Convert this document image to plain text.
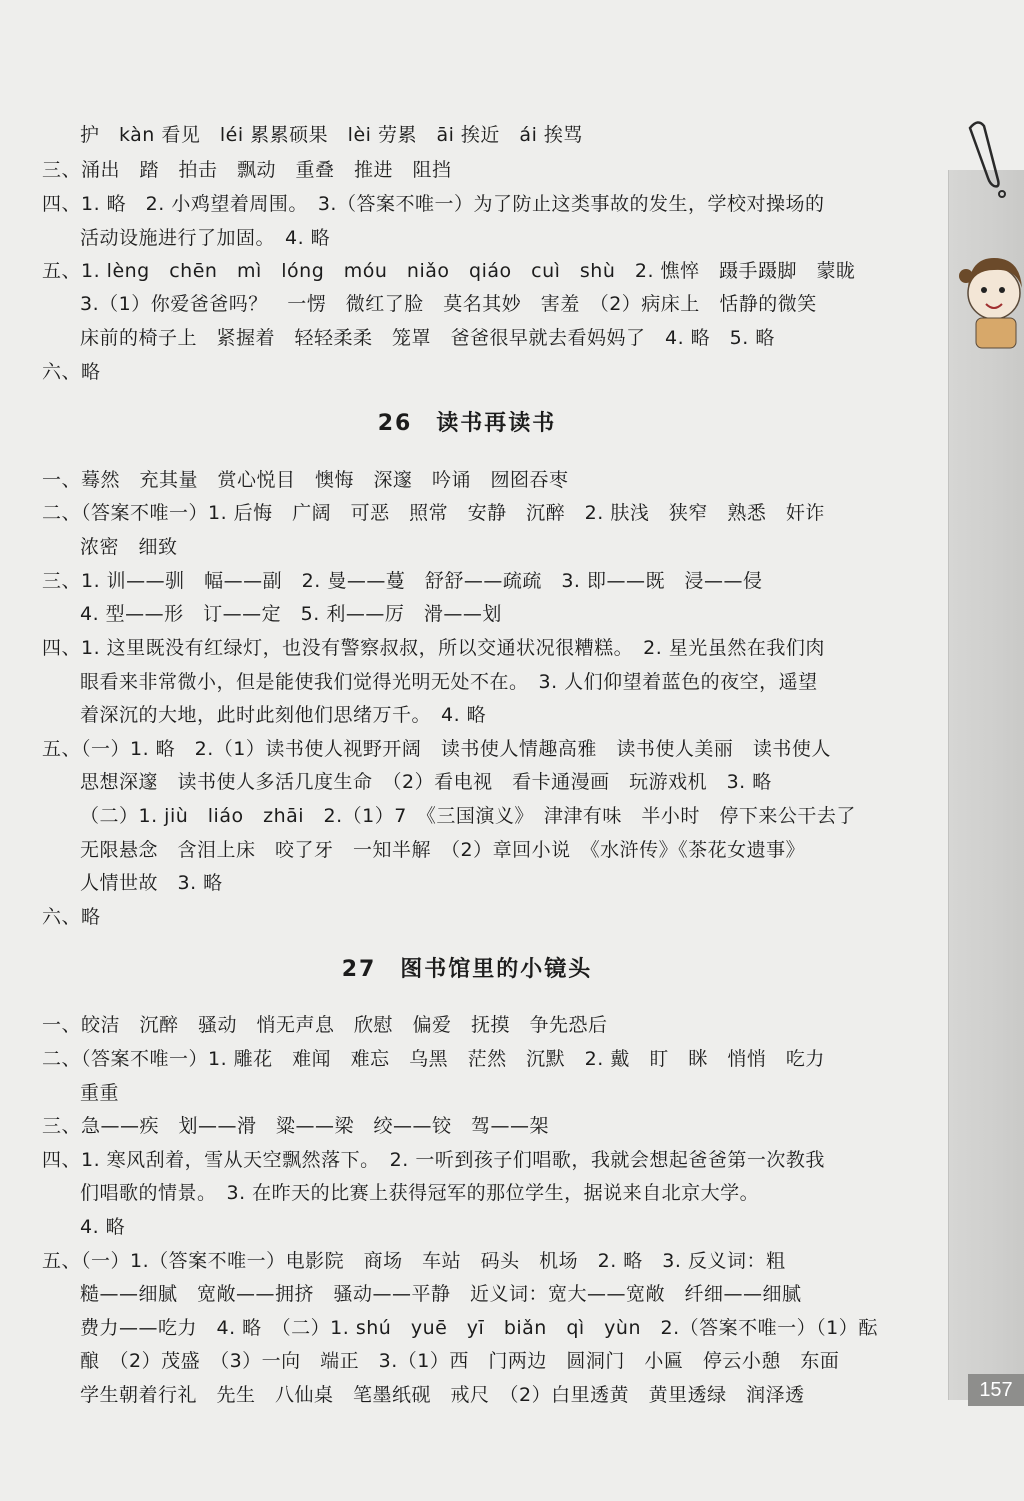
护　kàn 看见　léi 累累硕果　lèi 劳累　āi 挨近　ái 挨骂
三、涌出　踏　拍击　飘动　重叠　推进　阻挡
四、1. 略　2. 小鸡望着周围。　3.（答案不唯一）为了防止这类事故的发生，学校对操场的
活动设施进行了加固。　4. 略
五、1. lèng　chēn　mì　lóng　móu　niǎo　qiáo　cuì　shù　2. 憔悴　蹑手蹑脚　蒙眬
3.（1）你爱爸爸吗？　一愣　微红了脸　莫名其妙　害羞　（2）病床上　恬静的微笑
床前的椅子上　紧握着　轻轻柔柔　笼罩　爸爸很早就去看妈妈了　4. 略　5. 略
六、略
26　读书再读书
一、蓦然　充其量　赏心悦目　懊悔　深邃　吟诵　囫囵吞枣
二、（答案不唯一）1. 后悔　广阔　可恶　照常　安静　沉醉　2. 肤浅　狭窄　熟悉　奸诈
浓密　细致
三、1. 训——驯　幅——副　2. 曼——蔓　舒舒——疏疏　3. 即——既　浸——侵
4. 型——形　订——定　5. 利——厉　滑——划
四、1. 这里既没有红绿灯，也没有警察叔叔，所以交通状况很糟糕。　2. 星光虽然在我们肉
眼看来非常微小，但是能使我们觉得光明无处不在。　3. 人们仰望着蓝色的夜空，遥望
着深沉的大地，此时此刻他们思绪万千。　4. 略
五、（一）1. 略　2.（1）读书使人视野开阔　读书使人情趣高雅　读书使人美丽　读书使人
思想深邃　读书使人多活几度生命　（2）看电视　看卡通漫画　玩游戏机　3. 略
（二）1. jiù　liáo　zhāi　2.（1）7　《三国演义》　津津有味　半小时　停下来公干去了
无限悬念　含泪上床　咬了牙　一知半解　（2）章回小说　《水浒传》《茶花女遗事》
人情世故　3. 略
六、略
27　图书馆里的小镜头
一、皎洁　沉醉　骚动　悄无声息　欣慰　偏爱　抚摸　争先恐后
二、（答案不唯一）1. 雕花　难闻　难忘　乌黑　茫然　沉默　2. 戴　盯　眯　悄悄　吃力
重重
三、急——疾　划——滑　粱——梁　绞——铰　驾——架
四、1. 寒风刮着，雪从天空飘然落下。　2. 一听到孩子们唱歌，我就会想起爸爸第一次教我
们唱歌的情景。　3. 在昨天的比赛上获得冠军的那位学生，据说来自北京大学。
4. 略
五、（一）1.（答案不唯一）电影院　商场　车站　码头　机场　2. 略　3. 反义词：粗
糙——细腻　宽敞——拥挤　骚动——平静　近义词：宽大——宽敞　纤细——细腻
费力——吃力　4. 略　（二）1. shú　yuē　yī　biǎn　qì　yùn　2.（答案不唯一）（1）酝
酿　（2）茂盛　（3）一向　端正　3.（1）西　门两边　圆洞门　小匾　停云小憩　东面
学生朝着行礼　先生　八仙桌　笔墨纸砚　戒尺　（2）白里透黄　黄里透绿　润泽透	157
